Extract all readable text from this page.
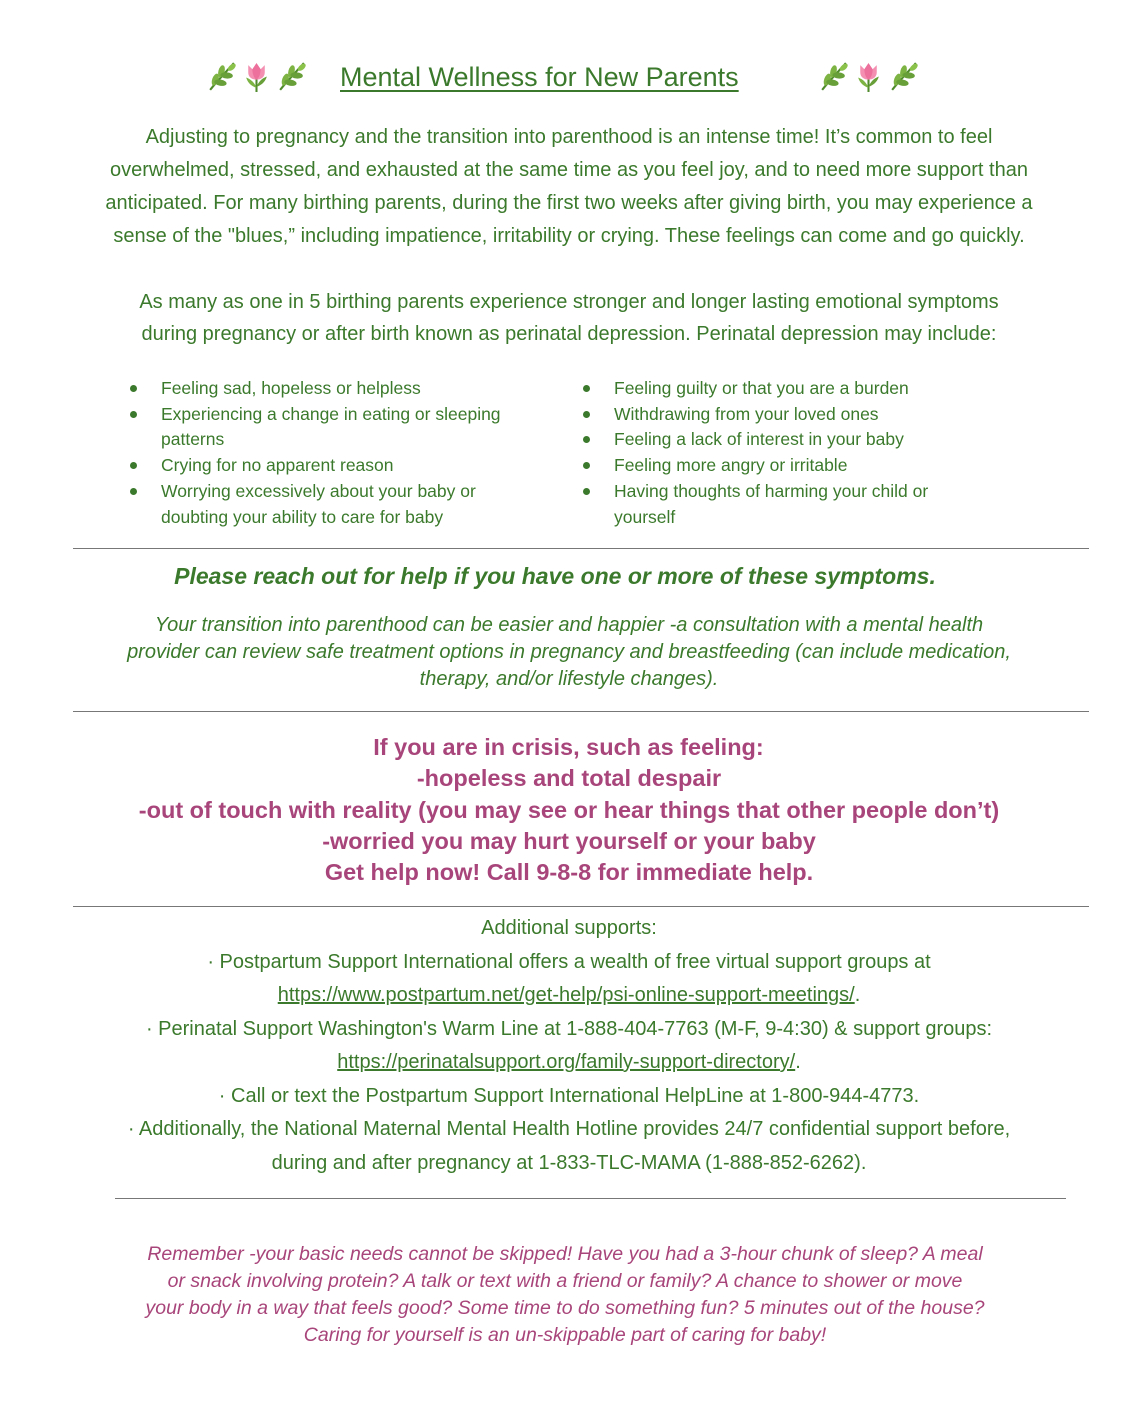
Mental Wellness for New Parents
Adjusting to pregnancy and the transition into parenthood is an intense time! It’s common to feel
overwhelmed, stressed, and exhausted at the same time as you feel joy, and to need more support than
anticipated. For many birthing parents, during the first two weeks after giving birth, you may experience a
sense of the "blues,” including impatience, irritability or crying. These feelings can come and go quickly.
As many as one in 5 birthing parents experience stronger and longer lasting emotional symptoms
during pregnancy or after birth known as perinatal depression. Perinatal depression may include:
Feeling sad, hopeless or helpless
Experiencing a change in eating or sleeping patterns
Crying for no apparent reason
Worrying excessively about your baby or doubting your ability to care for baby
Feeling guilty or that you are a burden
Withdrawing from your loved ones
Feeling a lack of interest in your baby
Feeling more angry or irritable
Having thoughts of harming your child or yourself
Please reach out for help if you have one or more of these symptoms.
Your transition into parenthood can be easier and happier -a consultation with a mental health
provider can review safe treatment options in pregnancy and breastfeeding (can include medication,
therapy, and/or lifestyle changes).
If you are in crisis, such as feeling:
-hopeless and total despair
-out of touch with reality (you may see or hear things that other people don’t)
-worried you may hurt yourself or your baby
Get help now! Call 9-8-8 for immediate help.
Additional supports:
· Postpartum Support International offers a wealth of free virtual support groups at
https://www.postpartum.net/get-help/psi-online-support-meetings/.
· Perinatal Support Washington's Warm Line at 1-888-404-7763 (M-F, 9-4:30) & support groups:
https://perinatalsupport.org/family-support-directory/.
· Call or text the Postpartum Support International HelpLine at 1-800-944-4773.
· Additionally, the National Maternal Mental Health Hotline provides 24/7 confidential support before,
during and after pregnancy at 1-833-TLC-MAMA (1-888-852-6262).
Remember -your basic needs cannot be skipped! Have you had a 3-hour chunk of sleep? A meal
or snack involving protein? A talk or text with a friend or family? A chance to shower or move
your body in a way that feels good? Some time to do something fun? 5 minutes out of the house?
Caring for yourself is an un-skippable part of caring for baby!
